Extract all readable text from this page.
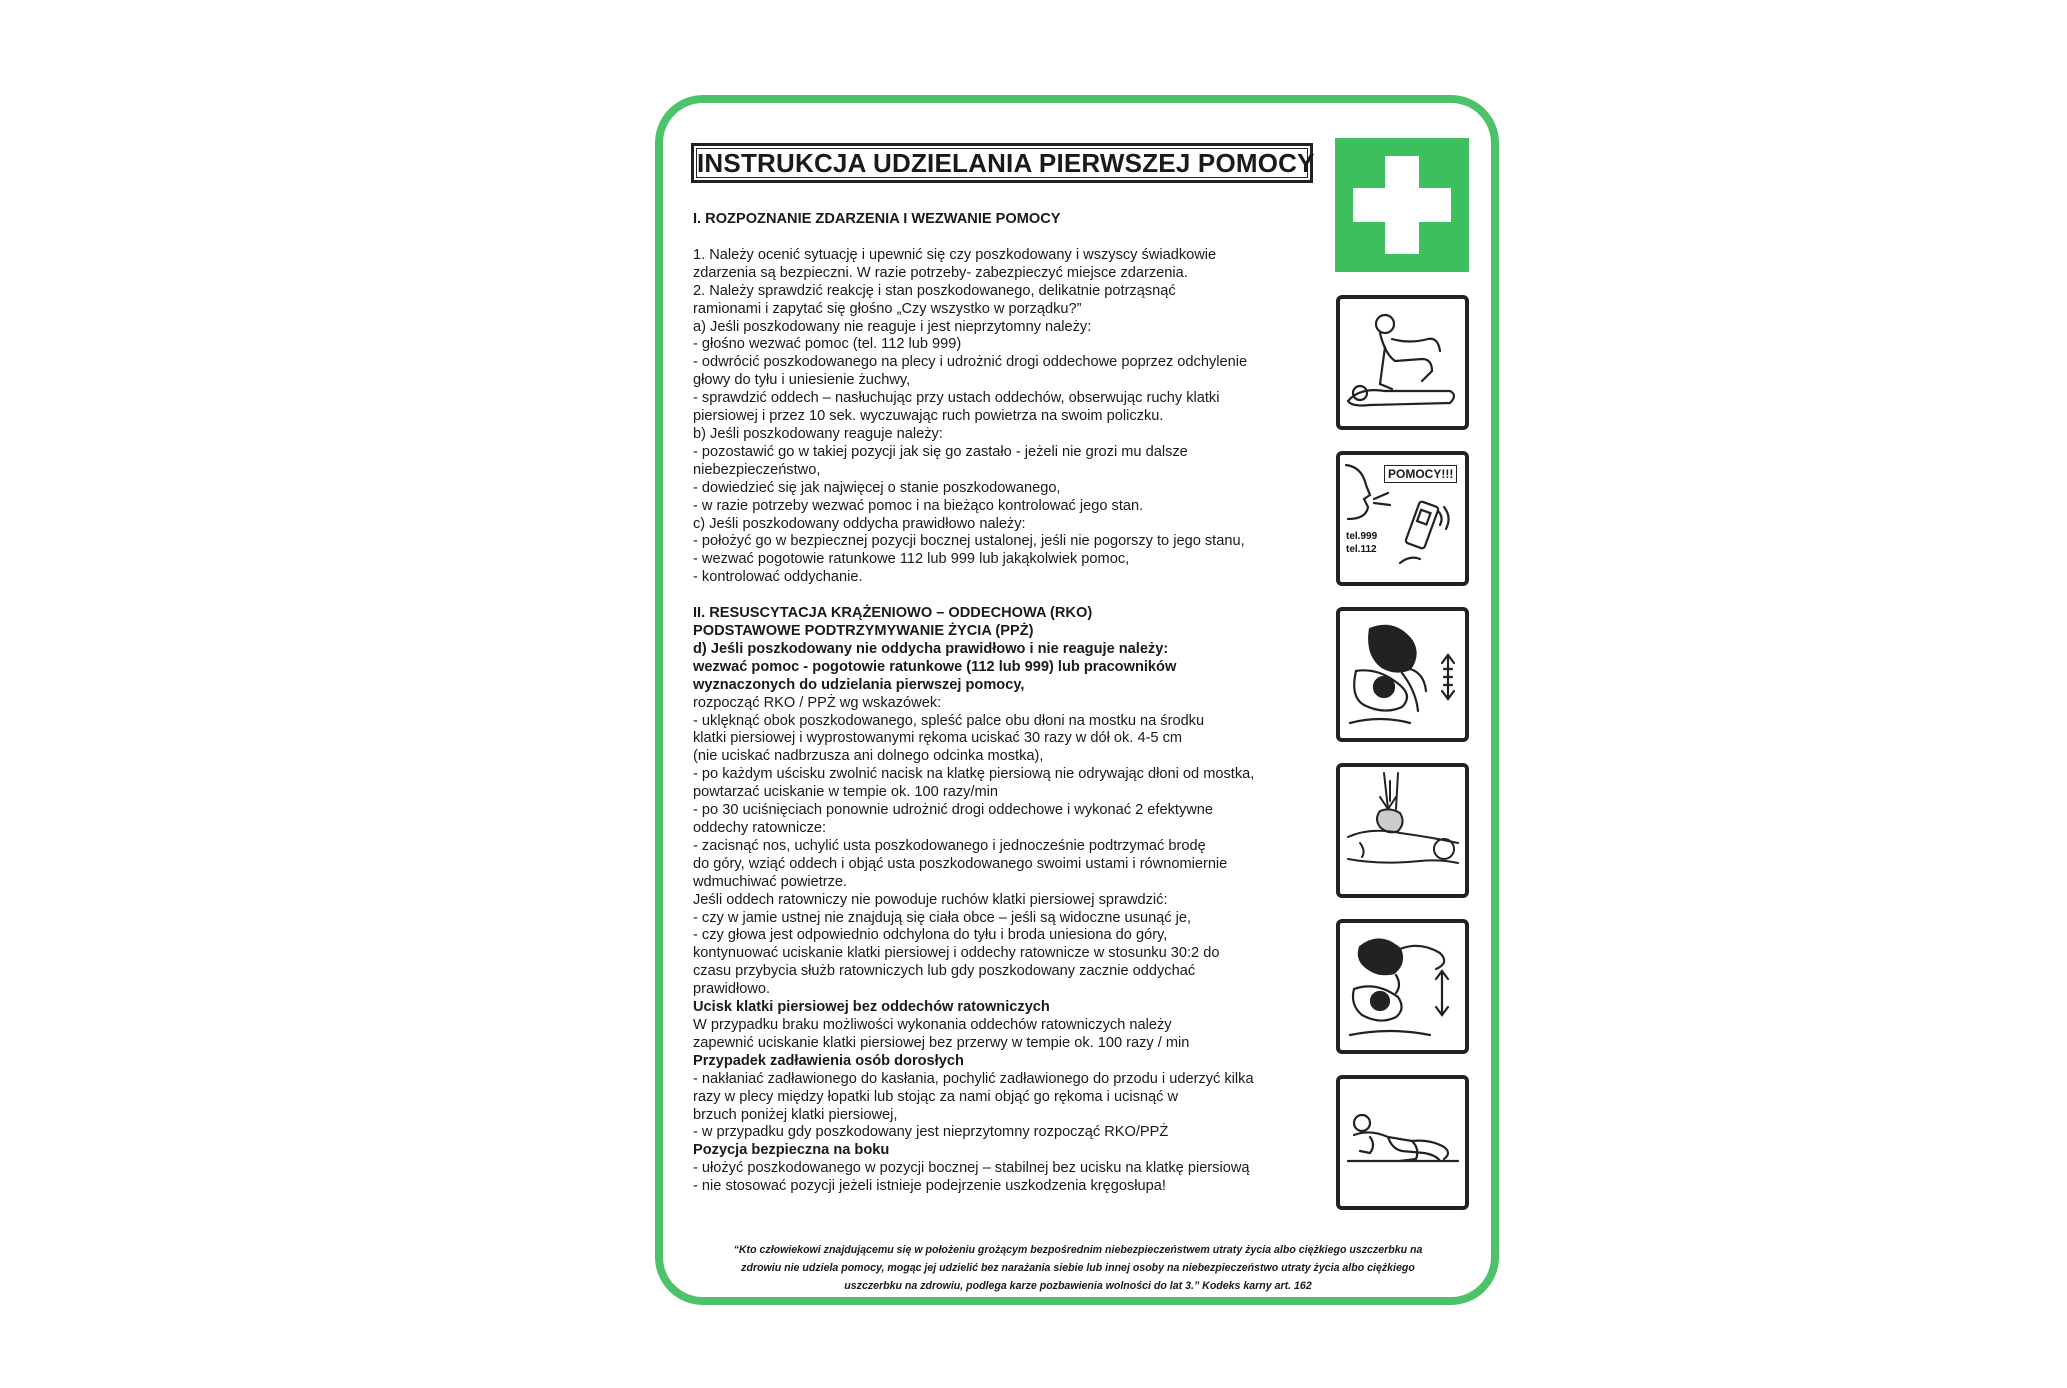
INSTRUKCJA UDZIELANIA PIERWSZEJ POMOCY
I. ROZPOZNANIE ZDARZENIA I WEZWANIE POMOCY
1. Należy ocenić sytuację i upewnić się czy poszkodowany i wszyscy świadkowie
zdarzenia są bezpieczni. W razie potrzeby- zabezpieczyć miejsce zdarzenia.
2. Należy sprawdzić reakcję i stan poszkodowanego, delikatnie potrząsnąć
ramionami i zapytać się głośno „Czy wszystko w porządku?”
a) Jeśli poszkodowany nie reaguje i jest nieprzytomny należy:
- głośno wezwać pomoc (tel. 112 lub 999)
- odwrócić poszkodowanego na plecy i udrożnić drogi oddechowe poprzez odchylenie
głowy do tyłu i uniesienie żuchwy,
- sprawdzić oddech – nasłuchując przy ustach oddechów, obserwując ruchy klatki
piersiowej i przez 10 sek. wyczuwając ruch powietrza na swoim policzku.
b) Jeśli poszkodowany reaguje należy:
- pozostawić go w takiej pozycji jak się go zastało - jeżeli nie grozi mu dalsze
niebezpieczeństwo,
- dowiedzieć się jak najwięcej o stanie poszkodowanego,
- w razie potrzeby wezwać pomoc i na bieżąco kontrolować jego stan.
c) Jeśli poszkodowany oddycha prawidłowo należy:
- położyć go w bezpiecznej pozycji bocznej ustalonej, jeśli nie pogorszy to jego stanu,
- wezwać pogotowie ratunkowe 112 lub 999 lub jakąkolwiek pomoc,
- kontrolować oddychanie.
II. RESUSCYTACJA KRĄŻENIOWO – ODDECHOWA (RKO)
PODSTAWOWE PODTRZYMYWANIE ŻYCIA (PPŻ)
d) Jeśli poszkodowany nie oddycha prawidłowo i nie reaguje należy:
wezwać pomoc - pogotowie ratunkowe (112 lub 999) lub pracowników
wyznaczonych do udzielania pierwszej pomocy,
rozpocząć RKO / PPŻ wg wskazówek:
- uklęknąć obok poszkodowanego, spleść palce obu dłoni na mostku na środku
klatki piersiowej i wyprostowanymi rękoma uciskać 30 razy w dół ok. 4-5 cm
(nie uciskać nadbrzusza ani dolnego odcinka mostka),
- po każdym uścisku zwolnić nacisk na klatkę piersiową nie odrywając dłoni od mostka,
powtarzać uciskanie w tempie ok. 100 razy/min
- po 30 uciśnięciach ponownie udrożnić drogi oddechowe i wykonać 2 efektywne
oddechy ratownicze:
- zacisnąć nos, uchylić usta poszkodowanego i jednocześnie podtrzymać brodę
do góry, wziąć oddech i objąć usta poszkodowanego swoimi ustami i równomiernie
wdmuchiwać powietrze.
Jeśli oddech ratowniczy nie powoduje ruchów klatki piersiowej sprawdzić:
- czy w jamie ustnej nie znajdują się ciała obce – jeśli są widoczne usunąć je,
- czy głowa jest odpowiednio odchylona do tyłu i broda uniesiona do góry,
kontynuować uciskanie klatki piersiowej i oddechy ratownicze w stosunku 30:2 do
czasu przybycia służb ratowniczych lub gdy poszkodowany zacznie oddychać
prawidłowo.
Ucisk klatki piersiowej bez oddechów ratowniczych
W przypadku braku możliwości wykonania oddechów ratowniczych należy
zapewnić uciskanie klatki piersiowej bez przerwy w tempie ok. 100 razy / min
Przypadek zadławienia osób dorosłych
- nakłaniać zadławionego do kasłania, pochylić zadławionego do przodu i uderzyć kilka
razy w plecy między łopatki lub stojąc za nami objąć go rękoma i ucisnąć w
brzuch poniżej klatki piersiowej,
- w przypadku gdy poszkodowany jest nieprzytomny rozpocząć RKO/PPŻ
Pozycja bezpieczna na boku
- ułożyć poszkodowanego w pozycji bocznej – stabilnej bez ucisku na klatkę piersiową
- nie stosować pozycji jeżeli istnieje podejrzenie uszkodzenia kręgosłupa!
POMOCY!!!
tel.999
tel.112
“Kto człowiekowi znajdującemu się w położeniu grożącym bezpośrednim niebezpieczeństwem utraty życia albo ciężkiego uszczerbku na
zdrowiu nie udziela pomocy, mogąc jej udzielić bez narażania siebie lub innej osoby na niebezpieczeństwo utraty życia albo ciężkiego
uszczerbku na zdrowiu, podlega karze pozbawienia wolności do lat 3.” Kodeks karny art. 162
